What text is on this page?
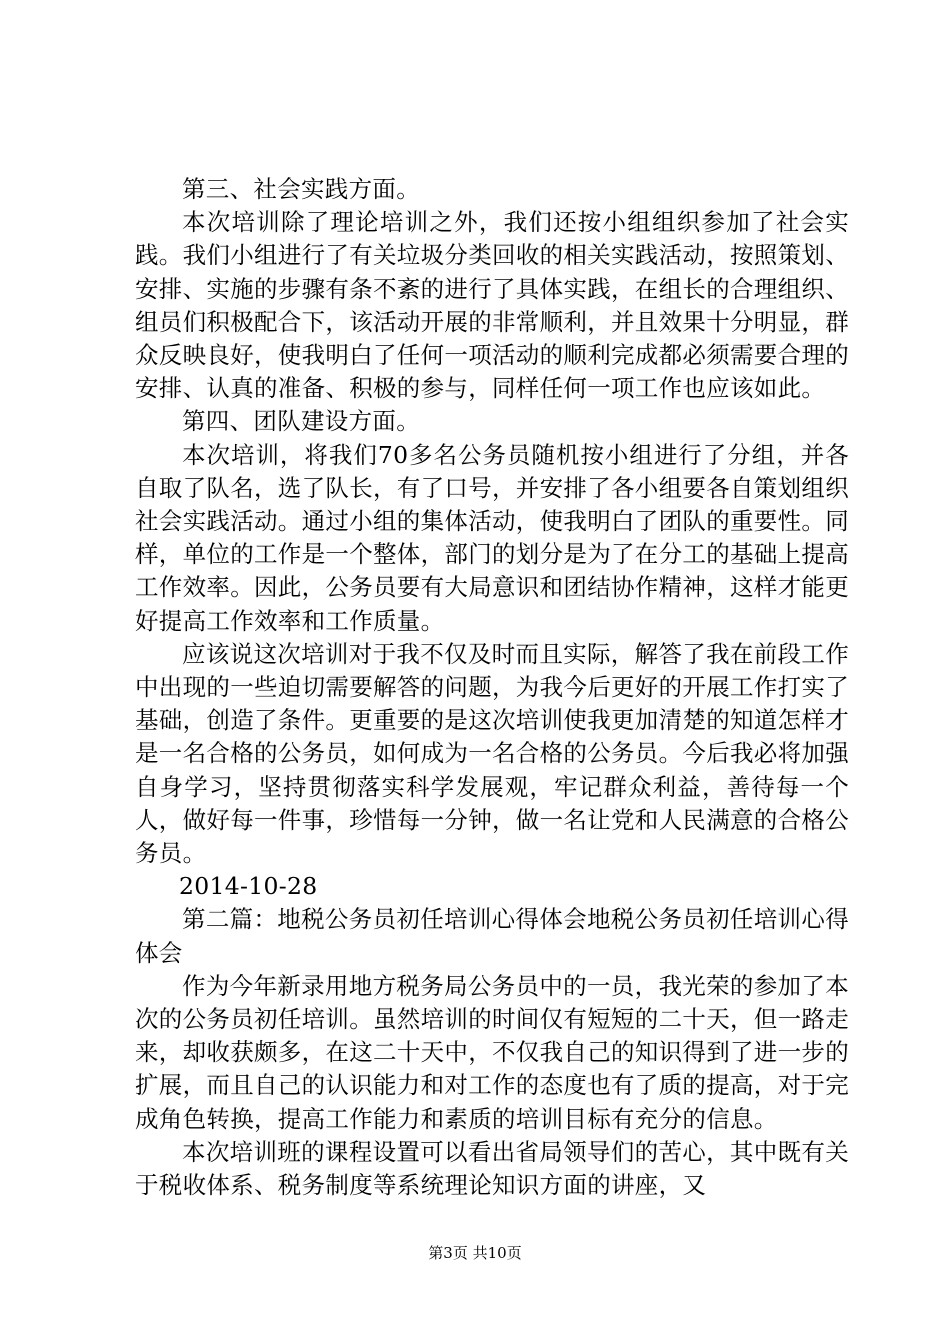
第三、社会实践方面。

本次培训除了理论培训之外，我们还按小组组织参加了社会实践。我们小组进行了有关垃圾分类回收的相关实践活动，按照策划、安排、实施的步骤有条不紊的进行了具体实践，在组长的合理组织、组员们积极配合下，该活动开展的非常顺利，并且效果十分明显，群众反映良好，使我明白了任何一项活动的顺利完成都必须需要合理的安排、认真的准备、积极的参与，同样任何一项工作也应该如此。

第四、团队建设方面。

本次培训，将我们70多名公务员随机按小组进行了分组，并各自取了队名，选了队长，有了口号，并安排了各小组要各自策划组织社会实践活动。通过小组的集体活动，使我明白了团队的重要性。同样，单位的工作是一个整体，部门的划分是为了在分工的基础上提高工作效率。因此，公务员要有大局意识和团结协作精神，这样才能更好提高工作效率和工作质量。

应该说这次培训对于我不仅及时而且实际，解答了我在前段工作中出现的一些迫切需要解答的问题，为我今后更好的开展工作打实了基础，创造了条件。更重要的是这次培训使我更加清楚的知道怎样才是一名合格的公务员，如何成为一名合格的公务员。今后我必将加强自身学习，坚持贯彻落实科学发展观，牢记群众利益，善待每一个人，做好每一件事，珍惜每一分钟，做一名让党和人民满意的合格公务员。

2014-10-28

第二篇：地税公务员初任培训心得体会地税公务员初任培训心得体会

作为今年新录用地方税务局公务员中的一员，我光荣的参加了本次的公务员初任培训。虽然培训的时间仅有短短的二十天，但一路走来，却收获颇多，在这二十天中，不仅我自己的知识得到了进一步的扩展，而且自己的认识能力和对工作的态度也有了质的提高，对于完成角色转换，提高工作能力和素质的培训目标有充分的信息。

本次培训班的课程设置可以看出省局领导们的苦心，其中既有关于税收体系、税务制度等系统理论知识方面的讲座，又

第3页 共10页
